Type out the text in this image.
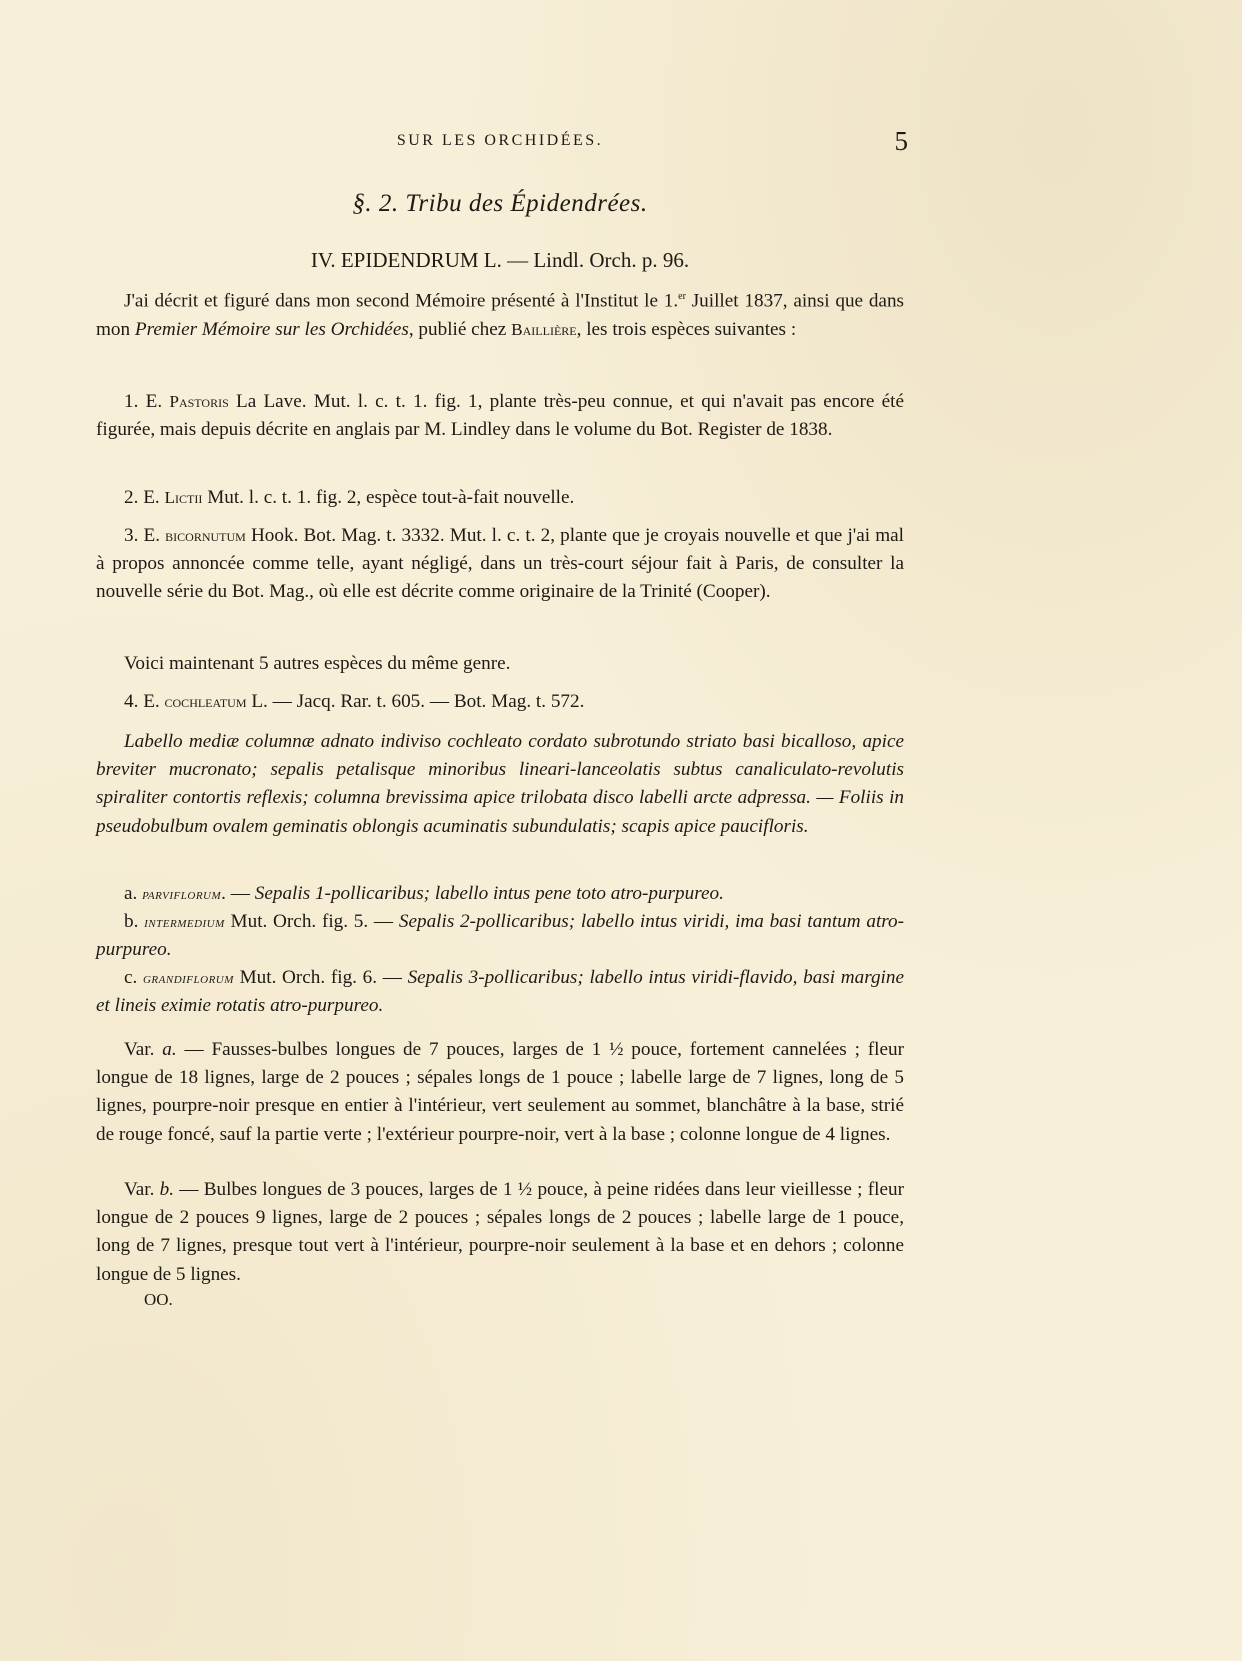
SUR LES ORCHIDÉES.	5
§. 2. Tribu des Épidendrées.
IV. EPIDENDRUM L. — Lindl. Orch. p. 96.

J'ai décrit et figuré dans mon second Mémoire présenté à l'Institut le 1.$^{er}$ Juillet 1837, ainsi que dans mon Premier Mémoire sur les Orchidées, publié chez Baillière, les trois espèces suivantes :

1. E. Pastoris La Lave. Mut. l. c. t. 1. fig. 1, plante très-peu connue, et qui n'avait pas encore été figurée, mais depuis décrite en anglais par M. Lindley dans le volume du Bot. Register de 1838.

2. E. Lictii Mut. l. c. t. 1. fig. 2, espèce tout-à-fait nouvelle.

3. E. bicornutum Hook. Bot. Mag. t. 3332. Mut. l. c. t. 2, plante que je croyais nouvelle et que j'ai mal à propos annoncée comme telle, ayant négligé, dans un très-court séjour fait à Paris, de consulter la nouvelle série du Bot. Mag., où elle est décrite comme originaire de la Trinité (Cooper).

Voici maintenant 5 autres espèces du même genre.

4. E. cochleatum L. — Jacq. Rar. t. 605. — Bot. Mag. t. 572.

Labello mediæ columnæ adnato indiviso cochleato cordato subrotundo striato basi bicalloso, apice breviter mucronato; sepalis petalisque minoribus lineari-lanceolatis subtus canaliculato-revolutis spiraliter contortis reflexis; columna brevissima apice trilobata disco labelli arcte adpressa. — Foliis in pseudobulbum ovalem geminatis oblongis acuminatis subundulatis; scapis apice paucifloris.

a. parviflorum. — Sepalis 1-pollicaribus; labello intus pene toto atro-purpureo.

b. intermedium Mut. Orch. fig. 5. — Sepalis 2-pollicaribus; labello intus viridi, ima basi tantum atro-purpureo.

c. grandiflorum Mut. Orch. fig. 6. — Sepalis 3-pollicaribus; labello intus viridi-flavido, basi margine et lineis eximie rotatis atro-purpureo.

Var. a. — Fausses-bulbes longues de 7 pouces, larges de 1 ½ pouce, fortement cannelées ; fleur longue de 18 lignes, large de 2 pouces ; sépales longs de 1 pouce ; labelle large de 7 lignes, long de 5 lignes, pourpre-noir presque en entier à l'intérieur, vert seulement au sommet, blanchâtre à la base, strié de rouge foncé, sauf la partie verte ; l'extérieur pourpre-noir, vert à la base ; colonne longue de 4 lignes.

Var. b. — Bulbes longues de 3 pouces, larges de 1 ½ pouce, à peine ridées dans leur vieillesse ; fleur longue de 2 pouces 9 lignes, large de 2 pouces ; sépales longs de 2 pouces ; labelle large de 1 pouce, long de 7 lignes, presque tout vert à l'intérieur, pourpre-noir seulement à la base et en dehors ; colonne longue de 5 lignes.

OO.
